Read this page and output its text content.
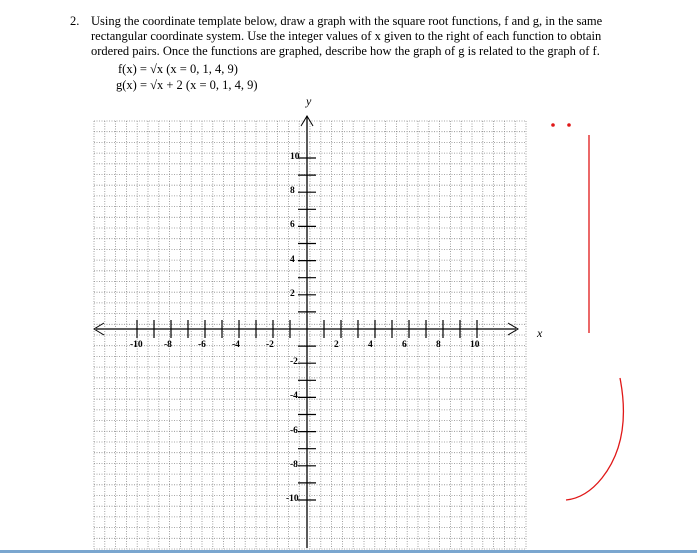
2. Using the coordinate template below, draw a graph with the square root functions, f and g, in the same
rectangular coordinate system. Use the integer values of x given to the right of each function to obtain
ordered pairs. Once the functions are graphed, describe how the graph of g is related to the graph of f.
f(x) = √x (x = 0, 1, 4, 9)
g(x) = √x + 2 (x = 0, 1, 4, 9)
y
x
-10 -8	-6	-4	-2	2	4	6	8	10
10
8
6
4
2
-2
-4
-6
-8
-10
